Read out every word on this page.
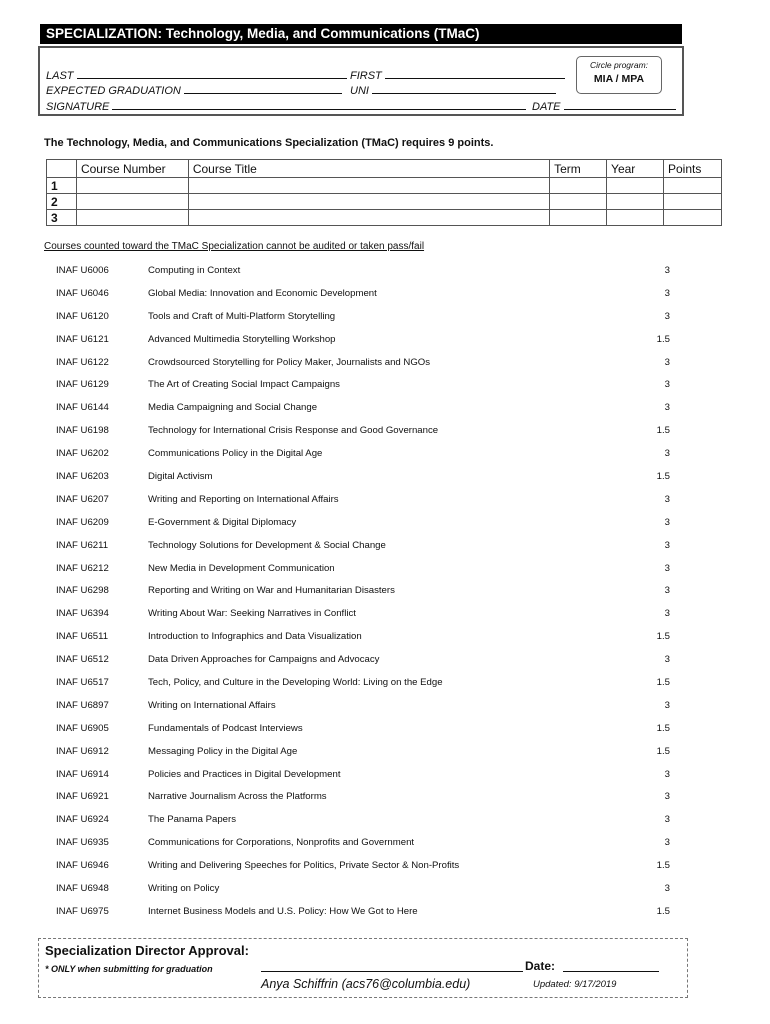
SPECIALIZATION: Technology, Media, and Communications (TMaC)
LAST	FIRST
EXPECTED GRADUATION	UNI
SIGNATURE	DATE
Circle program:
MIA / MPA
The Technology, Media, and Communications Specialization (TMaC) requires 9 points.
	Course Number	Course Title	Term	Year	Points
1					
2					
3					
Courses counted toward the TMaC Specialization cannot be audited or taken pass/fail
INAF U6006	Computing in Context	3
INAF U6046	Global Media: Innovation and Economic Development	3
INAF U6120	Tools and Craft of Multi-Platform Storytelling	3
INAF U6121	Advanced Multimedia Storytelling Workshop	1.5
INAF U6122	Crowdsourced Storytelling for Policy Maker, Journalists and NGOs	3
INAF U6129	The Art of Creating Social Impact Campaigns	3
INAF U6144	Media Campaigning and Social Change	3
INAF U6198	Technology for International Crisis Response and Good Governance	1.5
INAF U6202	Communications Policy in the Digital Age	3
INAF U6203	Digital Activism	1.5
INAF U6207	Writing and Reporting on International Affairs	3
INAF U6209	E-Government & Digital Diplomacy	3
INAF U6211	Technology Solutions for Development & Social Change	3
INAF U6212	New Media in Development Communication	3
INAF U6298	Reporting and Writing on War and Humanitarian Disasters	3
INAF U6394	Writing About War: Seeking Narratives in Conflict	3
INAF U6511	Introduction to Infographics and Data Visualization	1.5
INAF U6512	Data Driven Approaches for Campaigns and Advocacy	3
INAF U6517	Tech, Policy, and Culture in the Developing World: Living on the Edge	1.5
INAF U6897	Writing on International Affairs	3
INAF U6905	Fundamentals of Podcast Interviews	1.5
INAF U6912	Messaging Policy in the Digital Age	1.5
INAF U6914	Policies and Practices in Digital Development	3
INAF U6921	Narrative Journalism Across the Platforms	3
INAF U6924	The Panama Papers	3
INAF U6935	Communications for Corporations, Nonprofits and Government	3
INAF U6946	Writing and Delivering Speeches for Politics, Private Sector & Non-Profits	1.5
INAF U6948	Writing on Policy	3
INAF U6975	Internet Business Models and U.S. Policy: How We Got to Here	1.5
Specialization Director Approval:
* ONLY when submitting for graduation	Date:
Anya Schiffrin (acs76@columbia.edu)	Updated: 9/17/2019
